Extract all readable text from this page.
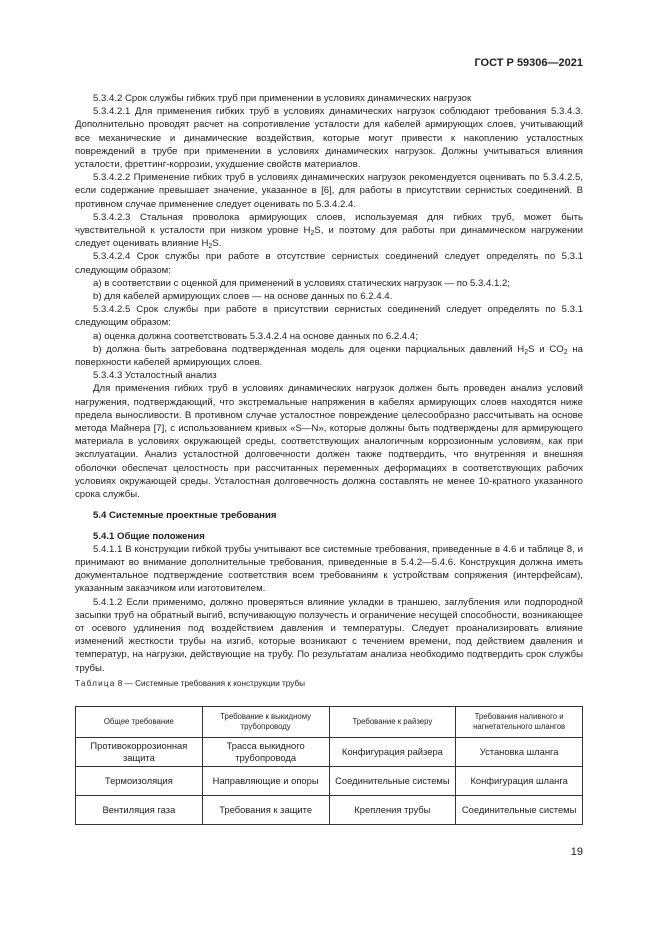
ГОСТ Р 59306—2021

5.3.4.2 Срок службы гибких труб при применении в условиях динамических нагрузок

5.3.4.2.1 Для применения гибких труб в условиях динамических нагрузок соблюдают требования 5.3.4.3. Дополнительно проводят расчет на сопротивление усталости для кабелей армирующих слоев, учитывающий все механические и динамические воздействия, которые могут привести к накоплению усталостных повреждений в трубе при применении в условиях динамических нагрузок. Должны учитываться влияния усталости, фреттинг-коррозии, ухудшение свойств материалов.

5.3.4.2.2 Применение гибких труб в условиях динамических нагрузок рекомендуется оценивать по 5.3.4.2.5, если содержание превышает значение, указанное в [6], для работы в присутствии сернистых соединений. В противном случае применение следует оценивать по 5.3.4.2.4.

5.3.4.2.3 Стальная проволока армирующих слоев, используемая для гибких труб, может быть чувствительной к усталости при низком уровне $H_2S$, и поэтому для работы при динамическом нагружении следует оценивать влияние $H_2S$.

5.3.4.2.4 Срок службы при работе в отсутствие сернистых соединений следует определять по 5.3.1 следующим образом:

a) в соответствии с оценкой для применений в условиях статических нагрузок — по 5.3.4.1.2;

b) для кабелей армирующих слоев — на основе данных по 6.2.4.4.

5.3.4.2.5 Срок службы при работе в присутствии сернистых соединений следует определять по 5.3.1 следующим образом:

a) оценка должна соответствовать 5.3.4.2.4 на основе данных по 6.2.4.4;

b) должна быть затребована подтвержденная модель для оценки парциальных давлений $H_2S$ и $CO_2$ на поверхности кабелей армирующих слоев.

5.3.4.3 Усталостный анализ

Для применения гибких труб в условиях динамических нагрузок должен быть проведен анализ условий нагружения, подтверждающий, что экстремальные напряжения в кабелях армирующих слоев находятся ниже предела выносливости. В противном случае усталостное повреждение целесообразно рассчитывать на основе метода Майнера [7], с использованием кривых «S—N», которые должны быть подтверждены для армирующего материала в условиях окружающей среды, соответствующих аналогичным коррозионным условиям, как при эксплуатации. Анализ усталостной долговечности должен также подтвердить, что внутренняя и внешняя оболочки обеспечат целостность при рассчитанных переменных деформациях в соответствующих рабочих условиях окружающей среды. Усталостная долговечность должна составлять не менее 10-кратного указанного срока службы.

5.4 Системные проектные требования

5.4.1 Общие положения

5.4.1.1 В конструкции гибкой трубы учитывают все системные требования, приведенные в 4.6 и таблице 8, и принимают во внимание дополнительные требования, приведенные в 5.4.2—5.4.6. Конструкция должна иметь документальное подтверждение соответствия всем требованиям к устройствам сопряжения (интерфейсам), указанным заказчиком или изготовителем.

5.4.1.2 Если применимо, должно проверяться влияние укладки в траншею, заглубления или подпородной засыпки труб на обратный выгиб, вспучивающую ползучесть и ограничение несущей способности, возникающее от осевого удлинения под воздействием давления и температуры. Следует проанализировать влияние изменений жесткости трубы на изгиб, которые возникают с течением времени, под действием давления и температур, на нагрузки, действующие на трубу. По результатам анализа необходимо подтвердить срок службы трубы.

Таблица 8 — Системные требования к конструкции трубы
Общее требование	Требование к выкидному трубопроводу	Требование к райзеру	Требования наливного и нагнетательного шлангов
Противокоррозионная защита	Трасса выкидного трубопровода	Конфигурация райзера	Установка шланга
Термоизоляция	Направляющие и опоры	Соединительные системы	Конфигурация шланга
Вентиляция газа	Требования к защите	Крепления трубы	Соединительные системы
19
